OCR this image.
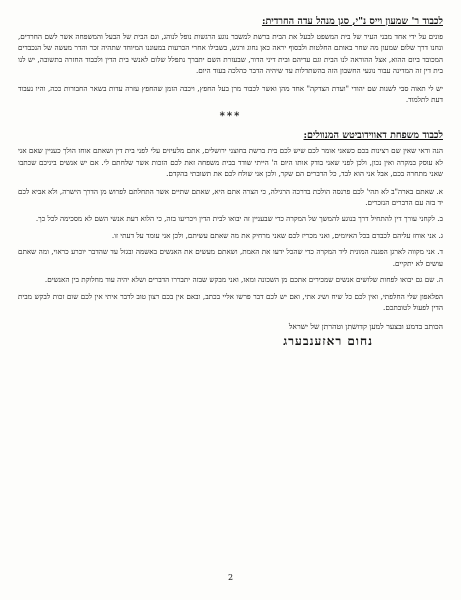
לכבוד ר' שמעון וייס נ"י, סגן מנהל עדה החרדית:

פונים על ידי אחד מבני העיר של בית המשפט לבעל את הבית ברשת למשבר נוגע הרגשות נופל לנוהג, וגם הבית של הבעל והמשפחה אשר לשם החרדים, ונחנו דרך שלום שמעון מה שחר באותם החלטות ולבסוף יראה כאן נחוג ורגש, בשבילו אחרי הכרעות במעוננו המיוחד שתהיה זכר והדר מעשה של הנכבדים המכובד ביום ההוא, אצל ההוראה לנו הבית וגם עדיהם ובית דיני הדור, שבעזרת השם יתברך נתפלל שלום לאנשי בית הדין ולכבוד החזרה בתשובה, יש לנו בית דין זה המדינה עבור נוגעי החשבון הזה בהשתדלות עד שיהיה הדבר כהלכה בעוד היום.

יש לי תאוה סבי לשנות שם יהודי "ועדת הצדקה" אחד מהן ואשר לכבוד מרן בעל החפץ, ויכבה הזמן שהחפץ עזרה עדות בשאר החבורות ככה, והיו נעבוד דעת לתלמוד.

***
לכבוד משפחת דאווידוביטש המנוולים:

הנה ודאי שאין שם רצינות בכם כשאני אומר לכם שיש לכם בית ברשת בחוצני ירושלים, אתם מלעיזים עלי לפני בית דין ושאתם אוחז הולך כעניין שאם אני לא עוסק במקרה ואין נכון, ולכן לפני שאני בודק אותו היום ה' הייתי שודד בבית משפחה זאת לכם הזכות אשר שלחתם לי. אם יש אנשים ביניכם שכתבו שאני מתחרה בכם, אבל אני הוא לבד, כל הדברים הם שקר, ולכן אני שולח לכם את תשובתי בהקדם.

א. שאתם בארה"ב לא תהי' לכם פרנסה הולכת בדרכה הרגילה, כי הצרה אתם היא, שאתם שתיים אשר התחלתם לפרוש מן הדרך הישרה, ולא אביא לכם יד בזה עם הדברים הנזכרים.

ב. לקחני עורך דין להתחיל דרך בנוגע להמשך של המקרה כדי שבעניין זה יבואו לבית הדין ויכריעו בזה, כי הלוא דעת אנשי השם לא מסכימה לכל כך.

ג. אני אוחז עליהם לכבדם בכל האיומים, ואני מכריז לכם שאני מרחיק את מה שאתם עשיתם, ולכן אני עומד על דעתי זו.

ד. אני מקווה לארגן הפגנה המונית ליד המקרה כדי שהכל ידעו את האמת, ושאתם מעשים את האנשים באשמה ובגזל עד שהדבר יוכרע כראוי, ומה שאתם עושים לא יתקיים.

ה. שם גם יבואו לפחות שלושים אנשים שמכירים אתכם מן השכונה ומאז, ואני מבקש שבזה יתבררו הדברים ושלא יהיה עוד מחלוקת בין האנשים.

הפלאפון שלי החלפתי, ואין לכם כל שיח ושיג אתי, ואם יש לכם דבר פרשו אליי בכתב, ובאם אין בכם רצון טוב לדבר איתי אין לכם שום זכות לבקש מבית הדין לפעול לטובתכם.

הכותב בדמע ובצער למען קדושתן וטהרתן של ישראל
נחום ראזענבערג
2
